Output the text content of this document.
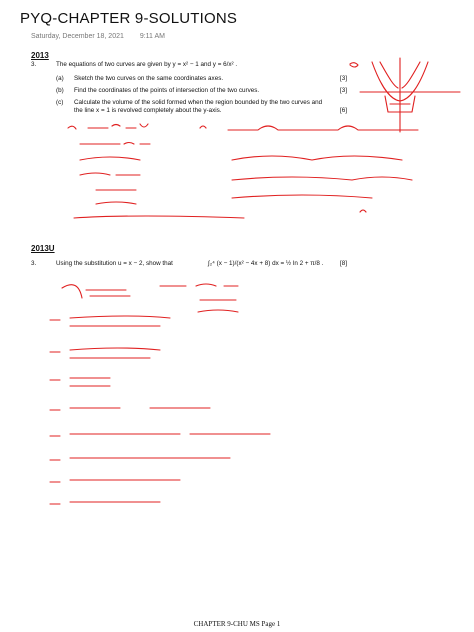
PYQ-CHAPTER 9-SOLUTIONS
Saturday, December 18, 2021 9:11 AM
2013
3.	The equations of two curves are given by y = x² − 1 and y = 6/x² .
(a) Sketch the two curves on the same coordinates axes.	[3]
(b) Find the coordinates of the points of intersection of the two curves.	[3]
(c) Calculate the volume of the solid formed when the region bounded by the two curves and the line x = 1 is revolved completely about the y-axis.	[6]
2013U
3.	Using the substitution u = x − 2, show that	∫₂⁴ (x − 1)/(x² − 4x + 8) dx = ½ ln 2 + π/8 .	[8]
CHAPTER 9-CHU MS Page 1
